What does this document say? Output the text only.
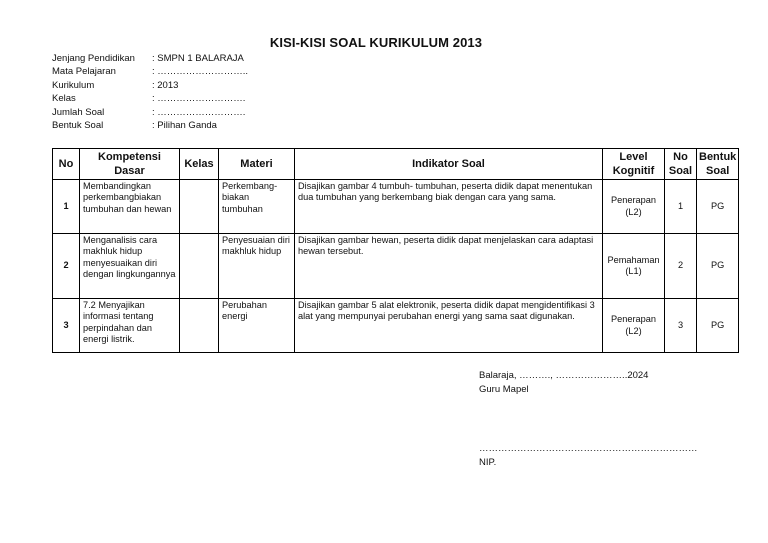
KISI-KISI SOAL KURIKULUM 2013
Jenjang Pendidikan	: SMPN 1 BALARAJA
Mata Pelajaran	: ………………………..
Kurikulum	: 2013
Kelas	: ……………………….
Jumlah Soal	: ……………………….
Bentuk Soal	: Pilihan Ganda
No	Kompetensi Dasar	Kelas	Materi	Indikator Soal	Level Kognitif	No Soal	Bentuk Soal
1	Membandingkan perkembangbiakan tumbuhan dan hewan		Perkembang-biakan tumbuhan	Disajikan gambar 4 tumbuh- tumbuhan, peserta didik dapat menentukan dua tumbuhan yang berkembang biak dengan cara yang sama.	Penerapan (L2)	1	PG
2	Menganalisis cara makhluk hidup menyesuaikan diri dengan lingkungannya		Penyesuaian diri makhluk hidup	Disajikan gambar hewan, peserta didik dapat menjelaskan cara adaptasi hewan tersebut.	Pemahaman (L1)	2	PG
3	7.2 Menyajikan informasi tentang perpindahan dan energi listrik.		Perubahan energi	Disajikan gambar 5 alat elektronik, peserta didik dapat mengidentifikasi 3 alat yang mempunyai perubahan energi yang sama saat digunakan.	Penerapan (L2)	3	PG
Balaraja, ………., …………………..2024
Guru Mapel
……………………………………………………………
NIP.
